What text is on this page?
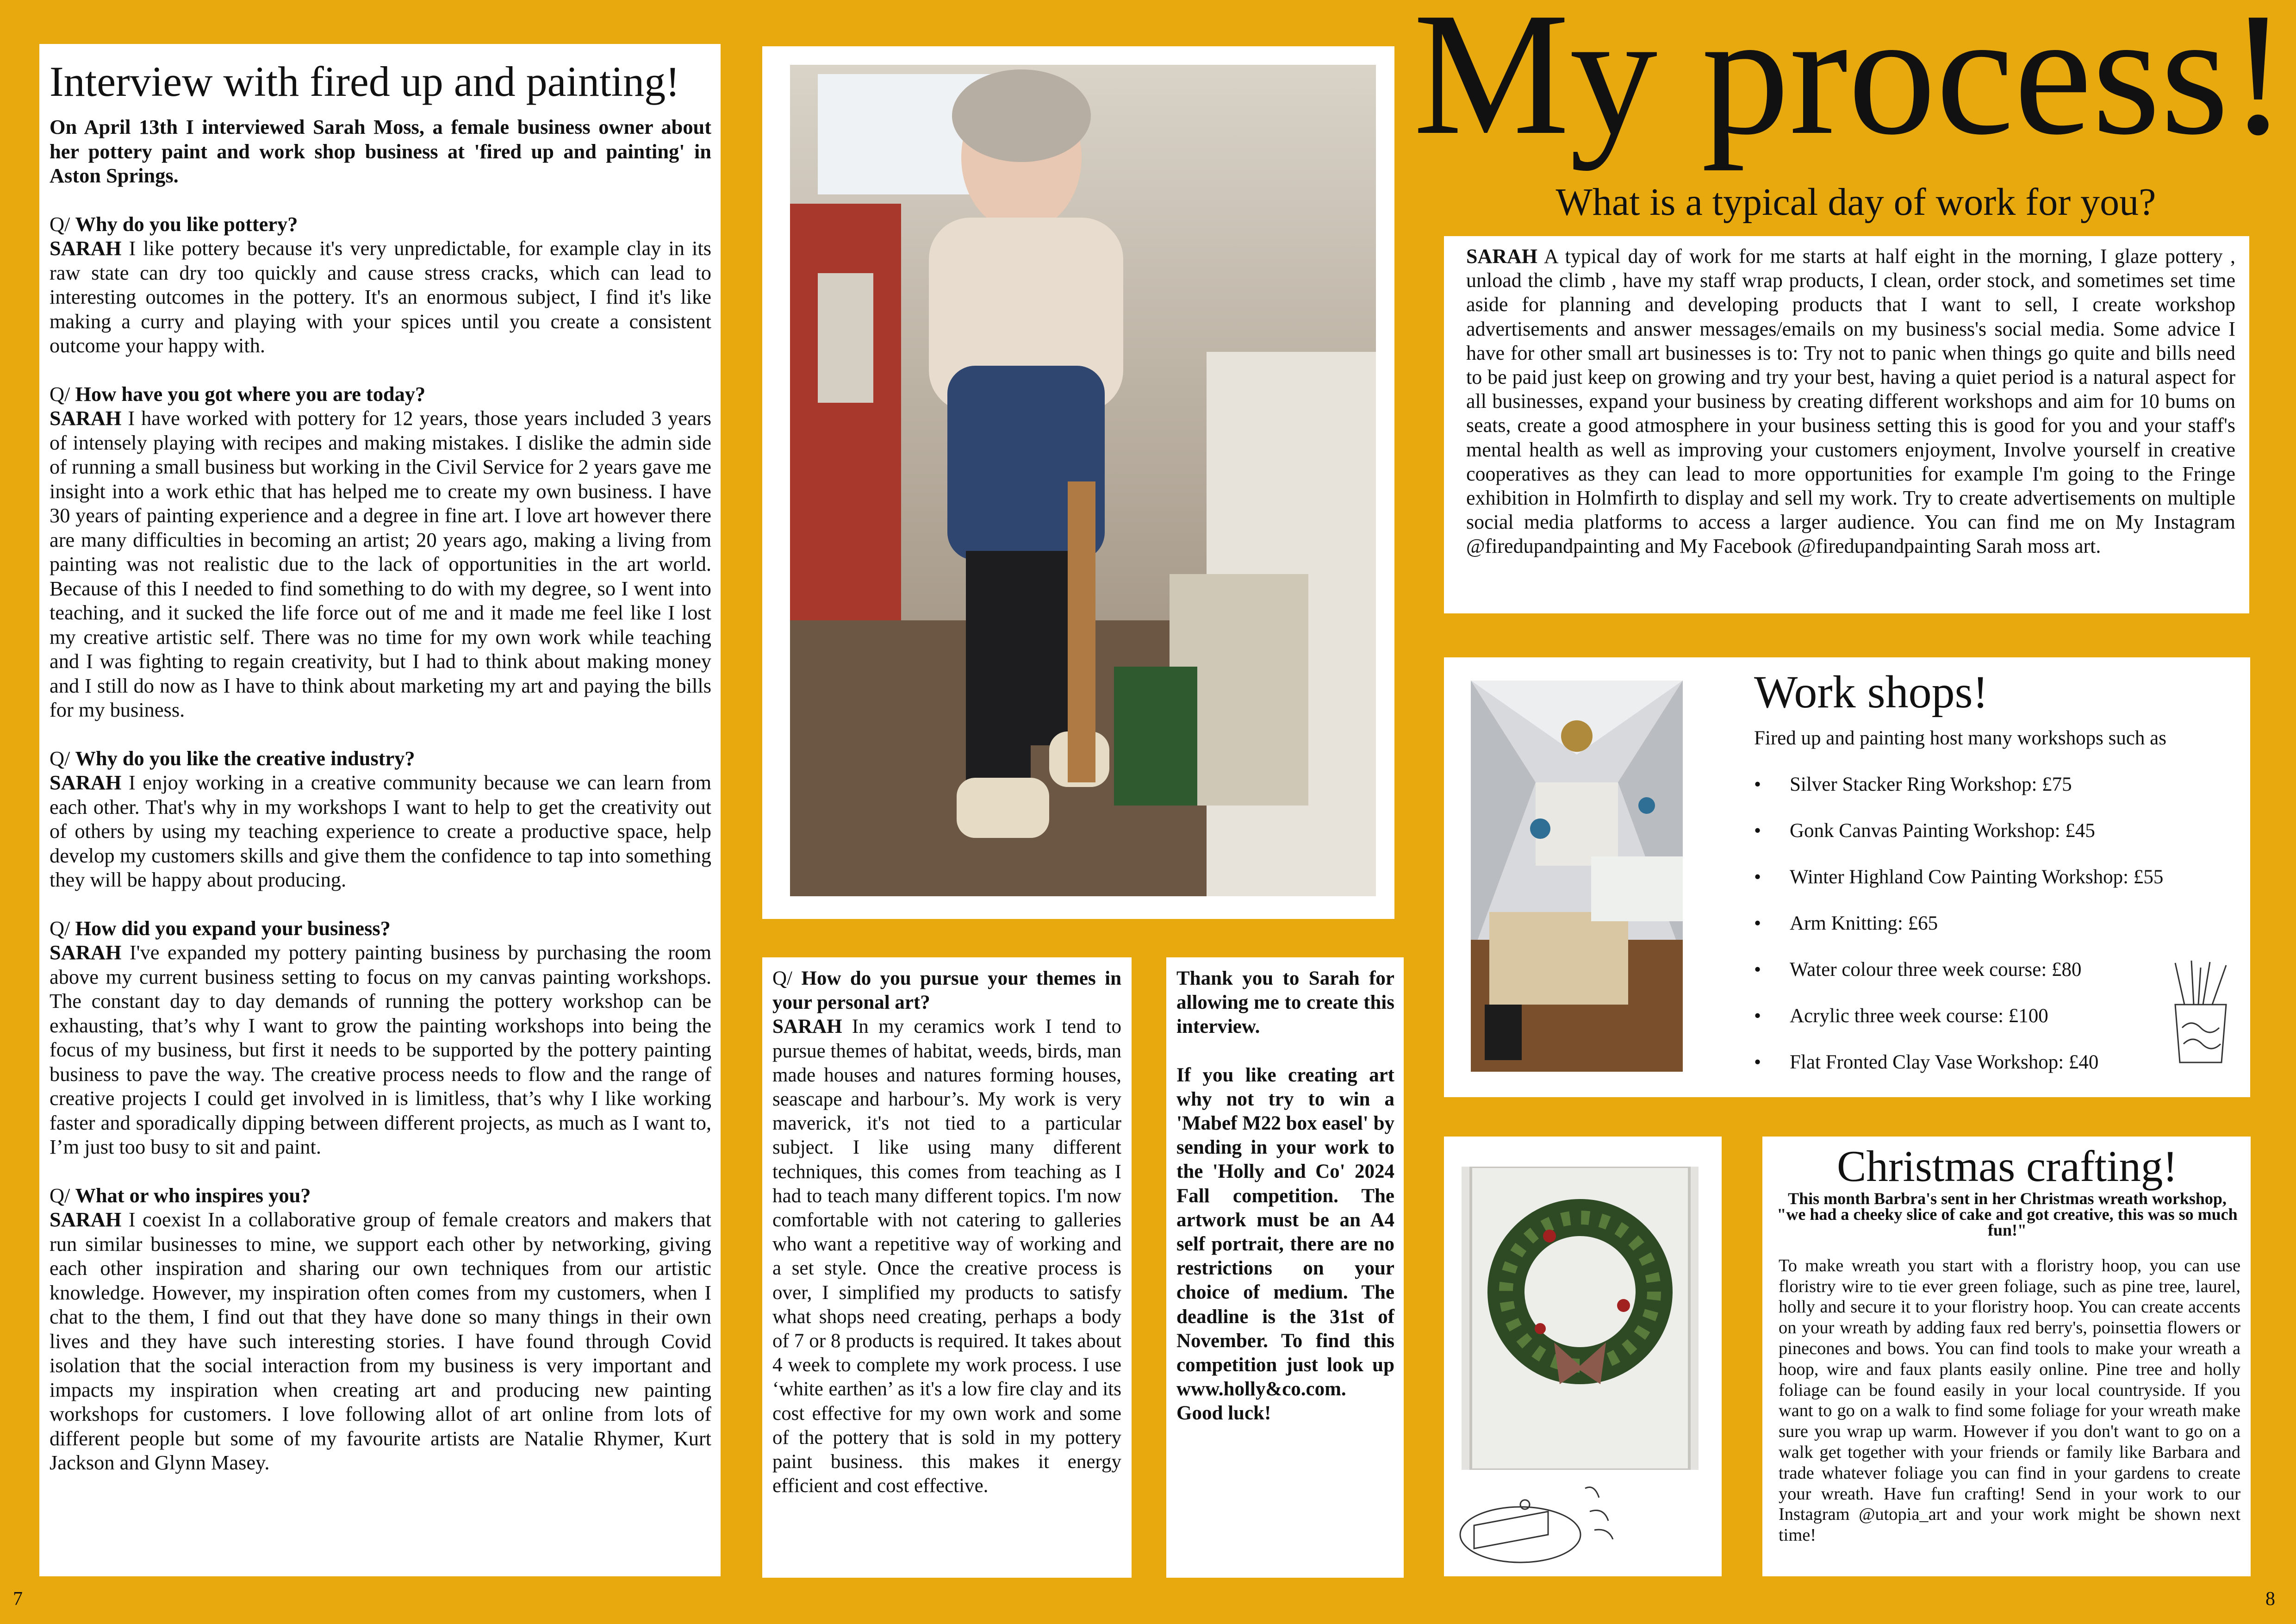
Interview with fired up and painting!

On April 13th I interviewed Sarah Moss, a female business owner about her pottery paint and work shop business at 'fired up and painting' in Aston Springs.

Q/ Why do you like pottery?
SARAH I like pottery because it's very unpredictable, for example clay in its raw state can dry too quickly and cause stress cracks, which can lead to interesting outcomes in the pottery. It's an enormous subject, I find it's like making a curry and playing with your spices until you create a consistent outcome your happy with.

Q/ How have you got where you are today?
SARAH I have worked with pottery for 12 years, those years included 3 years of intensely playing with recipes and making mistakes. I dislike the admin side of running a small business but working in the Civil Service for 2 years gave me insight into a work ethic that has helped me to create my own business. I have 30 years of painting experience and a degree in fine art. I love art however there are many difficulties in becoming an artist; 20 years ago, making a living from painting was not realistic due to the lack of opportunities in the art world. Because of this I needed to find something to do with my degree, so I went into teaching, and it sucked the life force out of me and it made me feel like I lost my creative artistic self. There was no time for my own work while teaching and I was fighting to regain creativity, but I had to think about making money and I still do now as I have to think about marketing my art and paying the bills for my business.

Q/ Why do you like the creative industry?
SARAH I enjoy working in a creative community because we can learn from each other. That's why in my workshops I want to help to get the creativity out of others by using my teaching experience to create a productive space, help develop my customers skills and give them the confidence to tap into something they will be happy about producing.

Q/ How did you expand your business?
SARAH I've expanded my pottery painting business by purchasing the room above my current business setting to focus on my canvas painting workshops. The constant day to day demands of running the pottery workshop can be exhausting, that’s why I want to grow the painting workshops into being the focus of my business, but first it needs to be supported by the pottery painting business to pave the way. The creative process needs to flow and the range of creative projects I could get involved in is limitless, that’s why I like working faster and sporadically dipping between different projects, as much as I want to, I’m just too busy to sit and paint.

Q/ What or who inspires you?
SARAH I coexist In a collaborative group of female creators and makers that run similar businesses to mine, we support each other by networking, giving each other inspiration and sharing our own techniques from our artistic knowledge. However, my inspiration often comes from my customers, when I chat to the them, I find out that they have done so many things in their own lives and they have such interesting stories. I have found through Covid isolation that the social interaction from my business is very important and impacts my inspiration when creating art and producing new painting workshops for customers. I love following allot of art online from lots of different people but some of my favourite artists are Natalie Rhymer, Kurt Jackson and Glynn Masey.

Q/ How do you pursue your themes in your personal art?
SARAH In my ceramics work I tend to pursue themes of habitat, weeds, birds, man made houses and natures forming houses, seascape and harbour’s. My work is very maverick, it's not tied to a particular subject. I like using many different techniques, this comes from teaching as I had to teach many different topics. I'm now comfortable with not catering to galleries who want a repetitive way of working and a set style. Once the creative process is over, I simplified my products to satisfy what shops need creating, perhaps a body of 7 or 8 products is required. It takes about 4 week to complete my work process. I use ‘white earthen’ as it's a low fire clay and its cost effective for my own work and some of the pottery that is sold in my pottery paint business. this makes it energy efficient and cost effective.

Thank you to Sarah for allowing me to create this interview.

If you like creating art why not try to win a 'Mabef M22 box easel' by sending in your work to the 'Holly and Co' 2024 Fall competition. The artwork must be an A4 self portrait, there are no restrictions on your choice of medium. The deadline is the 31st of November. To find this competition just look up www.holly&co.com. Good luck!

My process!
What is a typical day of work for you?

SARAH A typical day of work for me starts at half eight in the morning, I glaze pottery , unload the climb , have my staff wrap products, I clean, order stock, and sometimes set time aside for planning and developing products that I want to sell, I create workshop advertisements and answer messages/emails on my business's social media. Some advice I have for other small art businesses is to: Try not to panic when things go quite and bills need to be paid just keep on growing and try your best, having a quiet period is a natural aspect for all businesses, expand your business by creating different workshops and aim for 10 bums on seats, create a good atmosphere in your business setting this is good for you and your staff's mental health as well as improving your customers enjoyment, Involve yourself in creative cooperatives as they can lead to more opportunities for example I'm going to the Fringe exhibition in Holmfirth to display and sell my work. Try to create advertisements on multiple social media platforms to access a larger audience. You can find me on My Instagram @firedupandpainting and My Facebook @firedupandpainting Sarah moss art.

Work shops!
Fired up and painting host many workshops such as
• Silver Stacker Ring Workshop: £75
• Gonk Canvas Painting Workshop: £45
• Winter Highland Cow Painting Workshop: £55
• Arm Knitting: £65
• Water colour three week course: £80
• Acrylic three week course: £100
• Flat Fronted Clay Vase Workshop: £40
Christmas crafting!

This month Barbra's sent in her Christmas wreath workshop, "we had a cheeky slice of cake and got creative, this was so much fun!"

To make wreath you start with a floristry hoop, you can use floristry wire to tie ever green foliage, such as pine tree, laurel, holly and secure it to your floristry hoop. You can create accents on your wreath by adding faux red berry's, poinsettia flowers or pinecones and bows. You can find tools to make your wreath a hoop, wire and faux plants easily online. Pine tree and holly foliage can be found easily in your local countryside. If you want to go on a walk to find some foliage for your wreath make sure you wrap up warm. However if you don't want to go on a walk get together with your friends or family like Barbara and trade whatever foliage you can find in your gardens to create your wreath. Have fun crafting! Send in your work to our Instagram @utopia_art and your work might be shown next time!

7	8
